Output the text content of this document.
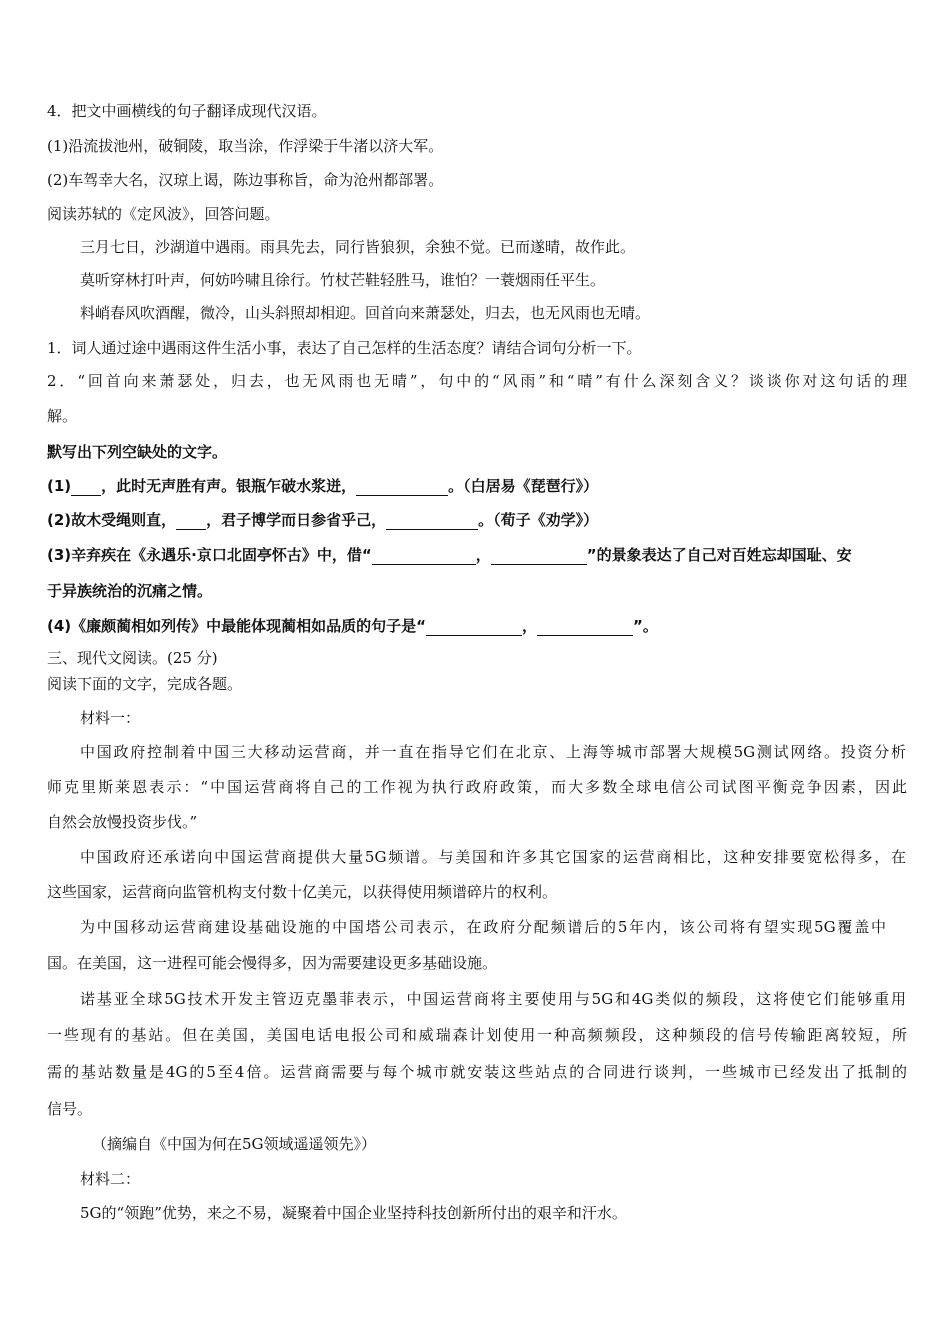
4．把文中画横线的句子翻译成现代汉语。
(1)沿流拔池州，破铜陵，取当涂，作浮梁于牛渚以济大军。
(2)车驾幸大名，汉琼上谒，陈边事称旨，命为沧州都部署。
阅读苏轼的《定风波》，回答问题。
三月七日，沙湖道中遇雨。雨具先去，同行皆狼狈，余独不觉。已而遂晴，故作此。
莫听穿林打叶声，何妨吟啸且徐行。竹杖芒鞋轻胜马，谁怕？一蓑烟雨任平生。
料峭春风吹酒醒，微冷，山头斜照却相迎。回首向来萧瑟处，归去，也无风雨也无晴。
1．词人通过途中遇雨这件生活小事，表达了自己怎样的生活态度？请结合词句分析一下。
2．“回首向来萧瑟处，归去，也无风雨也无晴”，句中的“风雨”和“晴”有什么深刻含义？谈谈你对这句话的理
解。
默写出下列空缺处的文字。
(1) ，此时无声胜有声。银瓶乍破水浆迸，	。（白居易《琵琶行》）
(2)故木受绳则直， ，君子博学而日参省乎己，	。（荀子《劝学》）
(3)辛弃疾在《永遇乐·京口北固亭怀古》中，借“	，	”的景象表达了自己对百姓忘却国耻、安
于异族统治的沉痛之情。
(4)《廉颇蔺相如列传》中最能体现蔺相如品质的句子是“	，	”。
三、现代文阅读。(25 分)
阅读下面的文字，完成各题。
材料一：
中国政府控制着中国三大移动运营商，并一直在指导它们在北京、上海等城市部署大规模5G测试网络。投资分析
师克里斯莱恩表示：“中国运营商将自己的工作视为执行政府政策，而大多数全球电信公司试图平衡竞争因素，因此
自然会放慢投资步伐。”
中国政府还承诺向中国运营商提供大量5G频谱。与美国和许多其它国家的运营商相比，这种安排要宽松得多，在
这些国家，运营商向监管机构支付数十亿美元，以获得使用频谱碎片的权利。
为中国移动运营商建设基础设施的中国塔公司表示，在政府分配频谱后的5年内，该公司将有望实现5G覆盖中
国。在美国，这一进程可能会慢得多，因为需要建设更多基础设施。
诺基亚全球5G技术开发主管迈克墨菲表示，中国运营商将主要使用与5G和4G类似的频段，这将使它们能够重用
一些现有的基站。但在美国，美国电话电报公司和威瑞森计划使用一种高频频段，这种频段的信号传输距离较短，所
需的基站数量是4G的5至4倍。运营商需要与每个城市就安装这些站点的合同进行谈判，一些城市已经发出了抵制的
信号。
（摘编自《中国为何在5G领域遥遥领先》）
材料二：
5G的“领跑”优势，来之不易，凝聚着中国企业坚持科技创新所付出的艰辛和汗水。
